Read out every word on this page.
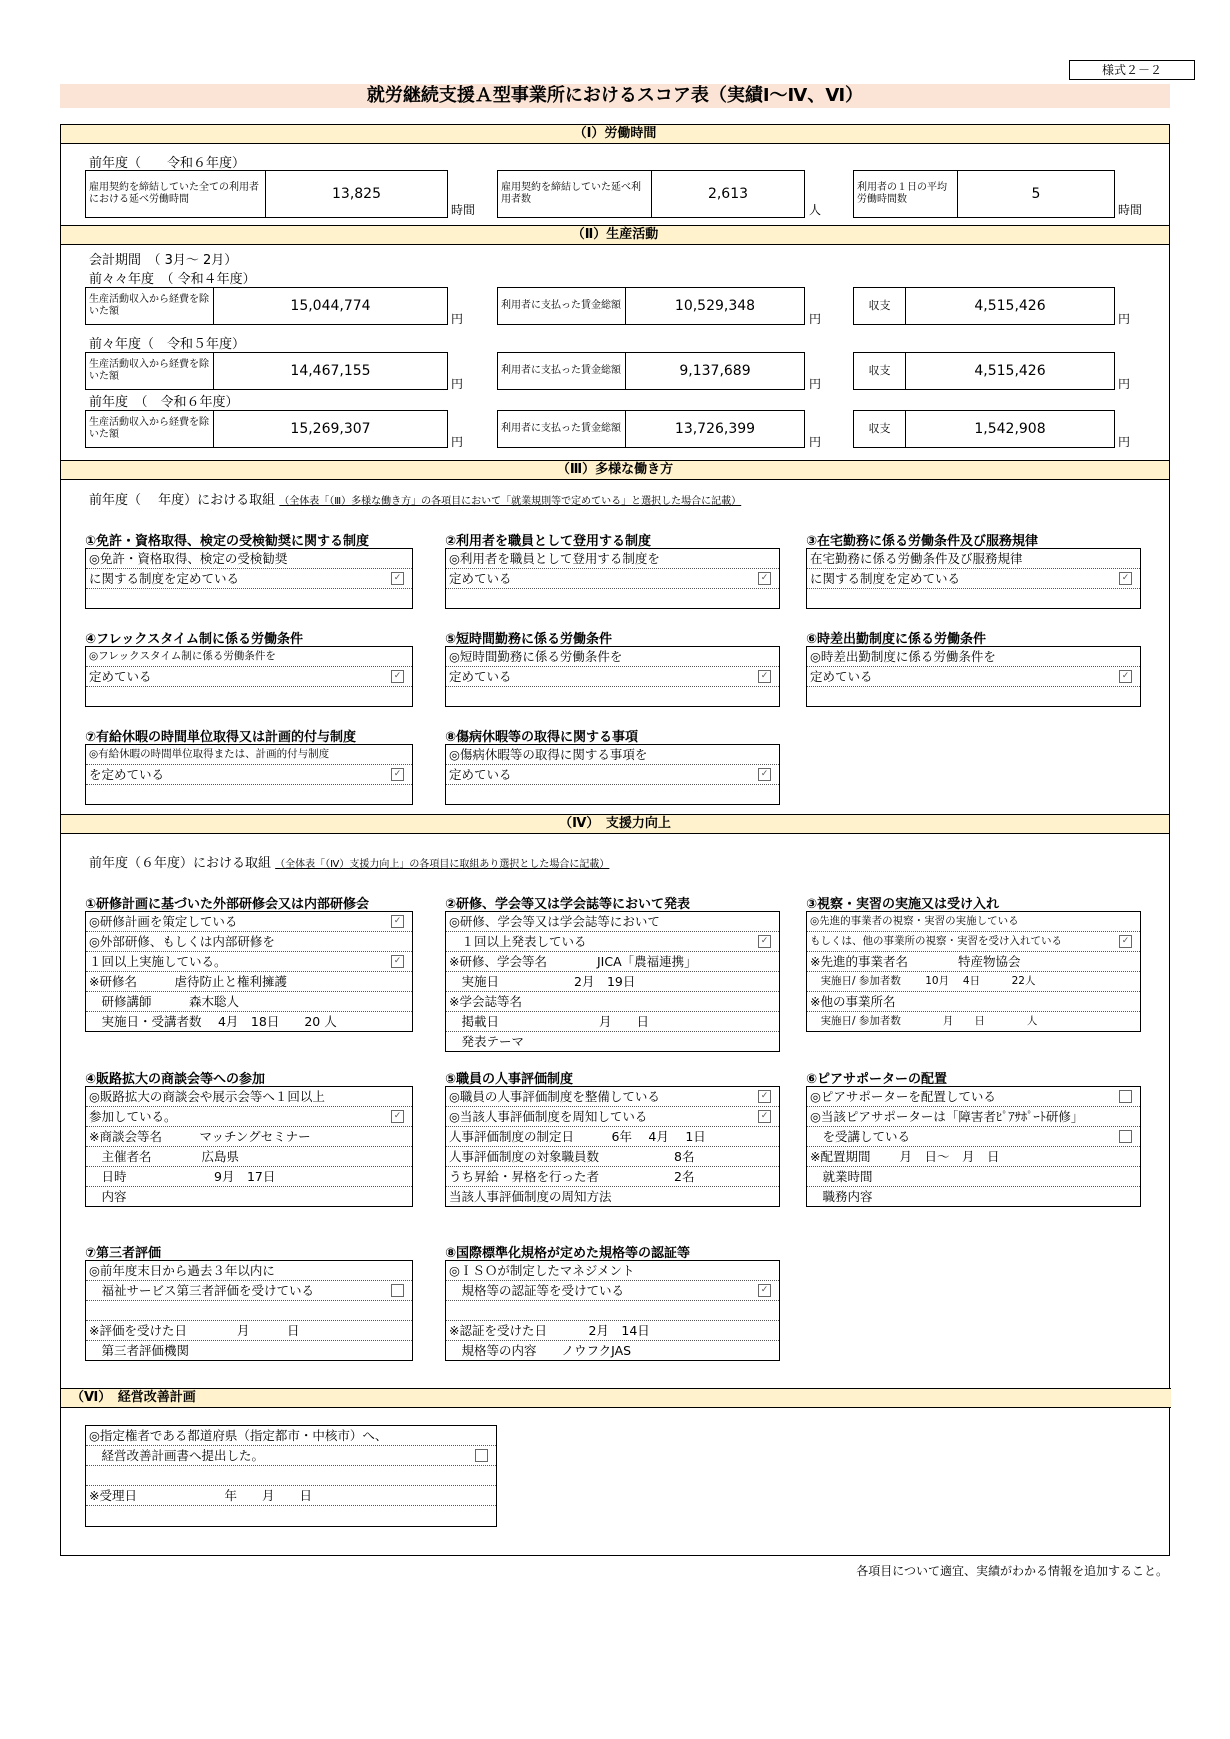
様式２－２
就労継続支援Ａ型事業所におけるスコア表（実績Ⅰ～Ⅳ、Ⅵ）
（Ⅰ）労働時間
前年度（　　令和６年度）
雇用契約を締結していた全ての利用者における延べ労働時間	13,825
時間
雇用契約を締結していた延べ利用者数	2,613
人
利用者の１日の平均労働時間数	5
時間
（Ⅱ）生産活動
会計期間　（ 3月～ 2月）
前々々年度　（ 令和４年度）
生産活動収入から経費を除いた額	15,044,774
円
利用者に支払った賃金総額	10,529,348
円
収支	4,515,426
円
前々年度（　令和５年度）
生産活動収入から経費を除いた額	14,467,155
円
利用者に支払った賃金総額	9,137,689
円
収支	4,515,426
円
前年度　（　令和６年度）
生産活動収入から経費を除いた額	15,269,307
円
利用者に支払った賃金総額	13,726,399
円
収支	1,542,908
円
（Ⅲ）多様な働き方
前年度（　 年度）における取組 （全体表「（Ⅲ）多様な働き方」の各項目において「就業規則等で定めている」と選択した場合に記載）
①免許・資格取得、検定の受検勧奨に関する制度
◎免許・資格取得、検定の受検勧奨
に関する制度を定めている	✓
②利用者を職員として登用する制度
◎利用者を職員として登用する制度を
定めている	✓
③在宅勤務に係る労働条件及び服務規律
在宅勤務に係る労働条件及び服務規律
に関する制度を定めている	✓
④フレックスタイム制に係る労働条件
◎フレックスタイム制に係る労働条件を
定めている	✓
⑤短時間勤務に係る労働条件
◎短時間勤務に係る労働条件を
定めている	✓
⑥時差出勤制度に係る労働条件
◎時差出勤制度に係る労働条件を
定めている	✓
⑦有給休暇の時間単位取得又は計画的付与制度
◎有給休暇の時間単位取得または、計画的付与制度
を定めている	✓
⑧傷病休暇等の取得に関する事項
◎傷病休暇等の取得に関する事項を
定めている	✓
（Ⅳ）　支援力向上
前年度（６年度）における取組 （全体表「（Ⅳ）支援力向上」の各項目に取組あり選択とした場合に記載）
①研修計画に基づいた外部研修会又は内部研修会
◎研修計画を策定している	✓
◎外部研修、もしくは内部研修を
１回以上実施している。	✓
※研修名　　　虐待防止と権利擁護
　研修講師　　　森木聡人
　実施日・受講者数　 4月　18日　　20 人
②研修、学会等又は学会誌等において発表
◎研修、学会等又は学会誌等において
　１回以上発表している	✓
※研修、学会等名　　　　JICA「農福連携」
　実施日　　　　　　2月　19日
※学会誌等名
　掲載日　　　　　　　　月　　日
　発表テーマ
③視察・実習の実施又は受け入れ
◎先進的事業者の視察・実習の実施している
もしくは、他の事業所の視察・実習を受け入れている	✓
※先進的事業者名　　　　特産物協会
　実施日/ 参加者数　　 10月　 4日　　　22人
※他の事業所名
　実施日/ 参加者数　　　　月　　日　　　　人
④販路拡大の商談会等への参加
◎販路拡大の商談会や展示会等へ１回以上
参加している。	✓
※商談会等名　　　マッチングセミナー
　主催者名　　　　広島県
　日時　　　　　　　9月　17日
　内容
⑤職員の人事評価制度
◎職員の人事評価制度を整備している	✓
◎当該人事評価制度を周知している	✓
人事評価制度の制定日　　　6年　 4月　 1日
人事評価制度の対象職員数　　　　　　8名
うち昇給・昇格を行った者　　　　　　2名
当該人事評価制度の周知方法
⑥ピアサポーターの配置
◎ピアサポーターを配置している
◎当該ピアサポーターは「障害者ﾋﾟｱｻﾎﾟｰﾄ研修」
　を受講している
※配置期間　　 月　日～　月　日
　就業時間
　職務内容
⑦第三者評価
◎前年度末日から過去３年以内に
　福祉サービス第三者評価を受けている
※評価を受けた日　　　　月　　　日
　第三者評価機関
⑧国際標準化規格が定めた規格等の認証等
◎ＩＳＯが制定したマネジメント
　規格等の認証等を受けている	✓
※認証を受けた日　　　 2月　14日
　規格等の内容　　ノウフクJAS
（Ⅵ）　経営改善計画
◎指定権者である都道府県（指定都市・中核市）へ、
　経営改善計画書へ提出した。
※受理日　　　　　　　年　　月　　日
各項目について適宜、実績がわかる情報を追加すること。
